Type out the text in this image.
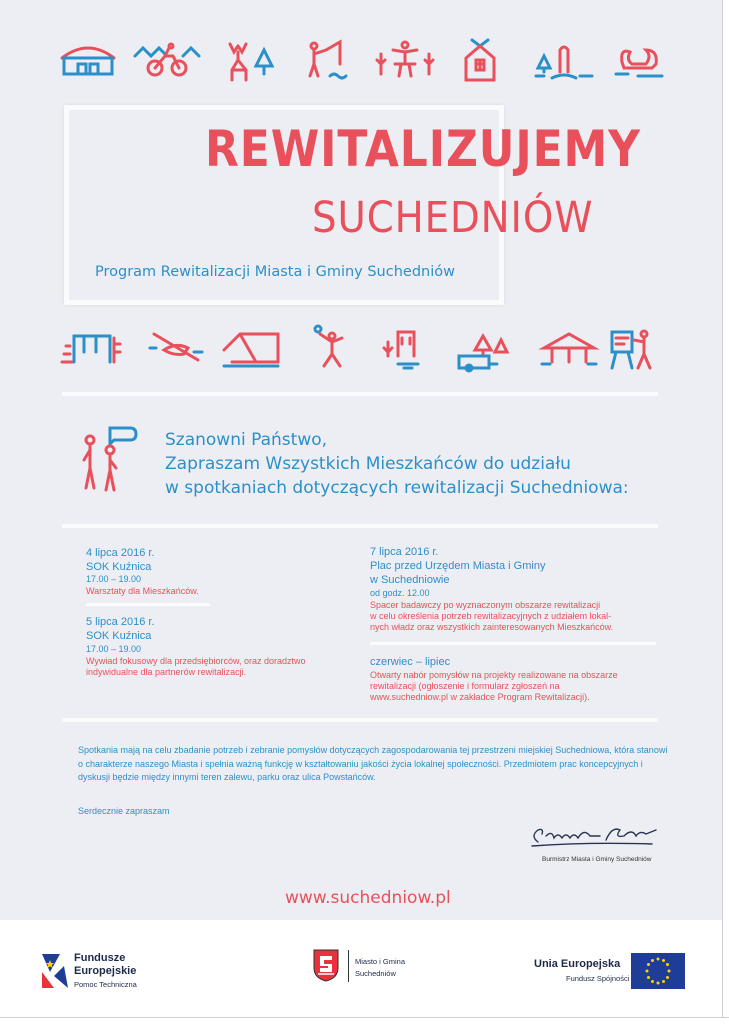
REWITALIZUJEMY
SUCHEDNIÓW
Program Rewitalizacji Miasta i Gminy Suchedniów
Szanowni Państwo,
Zapraszam Wszystkich Mieszkańców do udziału
w spotkaniach dotyczących rewitalizacji Suchedniowa:
4 lipca 2016 r.
SOK Kuźnica
17.00 – 19.00
Warsztaty dla Mieszkańców.
5 lipca 2016 r.
SOK Kuźnica
17.00 – 19.00
Wywiad fokusowy dla przedsiębiorców, oraz doradztwo
indywidualne dla partnerów rewitalizacji.
7 lipca 2016 r.
Plac przed Urzędem Miasta i Gminy
w Suchedniowie
od godz. 12.00
Spacer badawczy po wyznaczonym obszarze rewitalizacji
w celu określenia potrzeb rewitalizacyjnych z udziałem lokal-
nych władz oraz wszystkich zainteresowanych Mieszkańców.
czerwiec – lipiec
Otwarty nabór pomysłów na projekty realizowane na obszarze
rewitalizacji (ogłoszenie i formularz zgłoszeń na
www.suchedniow.pl w zakładce Program Rewitalizacji).
Spotkania mają na celu zbadanie potrzeb i zebranie pomysłów dotyczących zagospodarowania tej przestrzeni miejskiej Suchedniowa, która stanowi o charakterze naszego Miasta i spełnia ważną funkcję w kształtowaniu jakości życia lokalnej społeczności. Przedmiotem prac koncepcyjnych i dyskusji będzie między innymi teren zalewu, parku oraz ulica Powstańców.
Serdecznie zapraszam
Burmistrz Miasta i Gminy Suchedniów
www.suchedniow.pl
Fundusze
Europejskie
Pomoc Techniczna
Miasto i Gmina
Suchedniów
Unia Europejska
Fundusz Spójności
